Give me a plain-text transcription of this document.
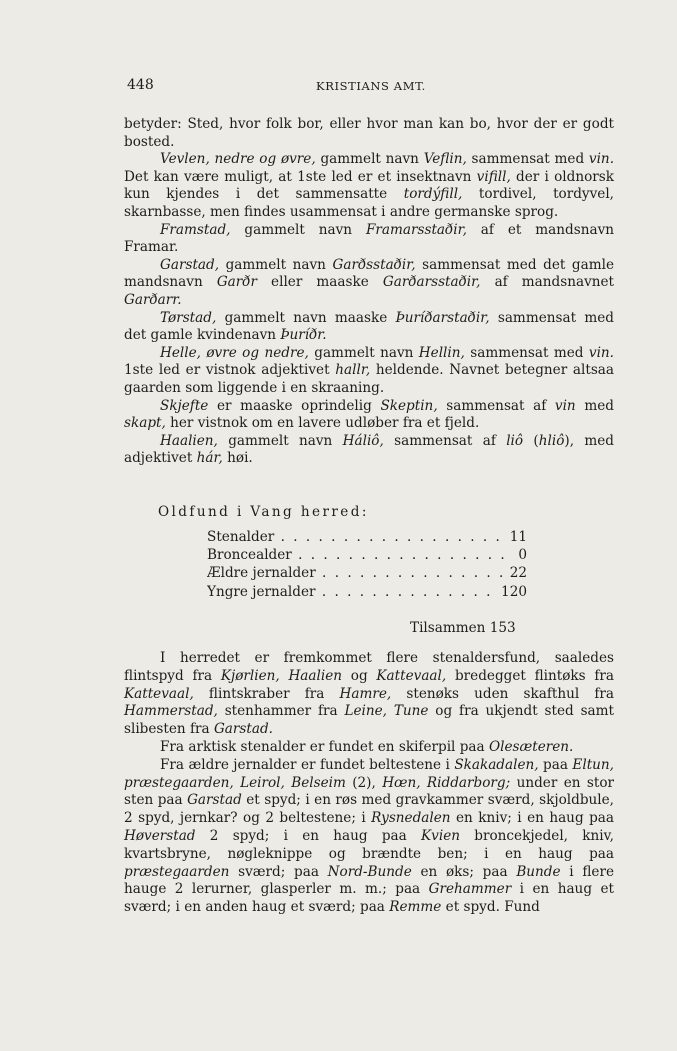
448	KRISTIANS AMT.

betyder: Sted, hvor folk bor, eller hvor man kan bo, hvor der er godt bosted.

Vevlen, nedre og øvre, gammelt navn Veflin, sammensat med vin. Det kan være muligt, at 1ste led er et insektnavn vifill, der i oldnorsk kun kjendes i det sammensatte tordýfill, tordivel, tordyvel, skarnbasse, men findes usammensat i andre germanske sprog.

Framstad, gammelt navn Framarsstaðir, af et mandsnavn Framar.

Garstad, gammelt navn Garðsstaðir, sammensat med det gamle mandsnavn Garðr eller maaske Garðarsstaðir, af mandsnavnet Garðarr.

Tørstad, gammelt navn maaske Þuríðarstaðir, sammensat med det gamle kvindenavn Þuríðr.

Helle, øvre og nedre, gammelt navn Hellin, sammensat med vin. 1ste led er vistnok adjektivet hallr, heldende. Navnet betegner altsaa gaarden som liggende i en skraaning.

Skjefte er maaske oprindelig Skeptin, sammensat af vin med skapt, her vistnok om en lavere udløber fra et fjeld.

Haalien, gammelt navn Háliô, sammensat af liô (hliô), med adjektivet hár, høi.

Oldfund i Vang herred:
Stenalder . . .	11
Broncealder . . .	0
Ældre jernalder . . .	22
Yngre jernalder . . .	120
Tilsammen 153

I herredet er fremkommet flere stenaldersfund, saaledes flintspyd fra Kjørlien, Haalien og Kattevaal, bredegget flintøks fra Kattevaal, flintskraber fra Hamre, stenøks uden skafthul fra Hammerstad, stenhammer fra Leine, Tune og fra ukjendt sted samt slibesten fra Garstad.

Fra arktisk stenalder er fundet en skiferpil paa Olesæteren.

Fra ældre jernalder er fundet beltestene i Skakadalen, paa Eltun, præstegaarden, Leirol, Belseim (2), Hœn, Riddarborg; under en stor sten paa Garstad et spyd; i en røs med gravkammer sværd, skjoldbule, 2 spyd, jernkar? og 2 beltestene; i Rysnedalen en kniv; i en haug paa Høverstad 2 spyd; i en haug paa Kvien broncekjedel, kniv, kvartsbryne, nøgleknippe og brændte ben; i en haug paa præstegaarden sværd; paa Nord-Bunde en øks; paa Bunde i flere hauge 2 lerurner, glasperler m. m.; paa Grehammer i en haug et sværd; i en anden haug et sværd; paa Remme et spyd. Fund
